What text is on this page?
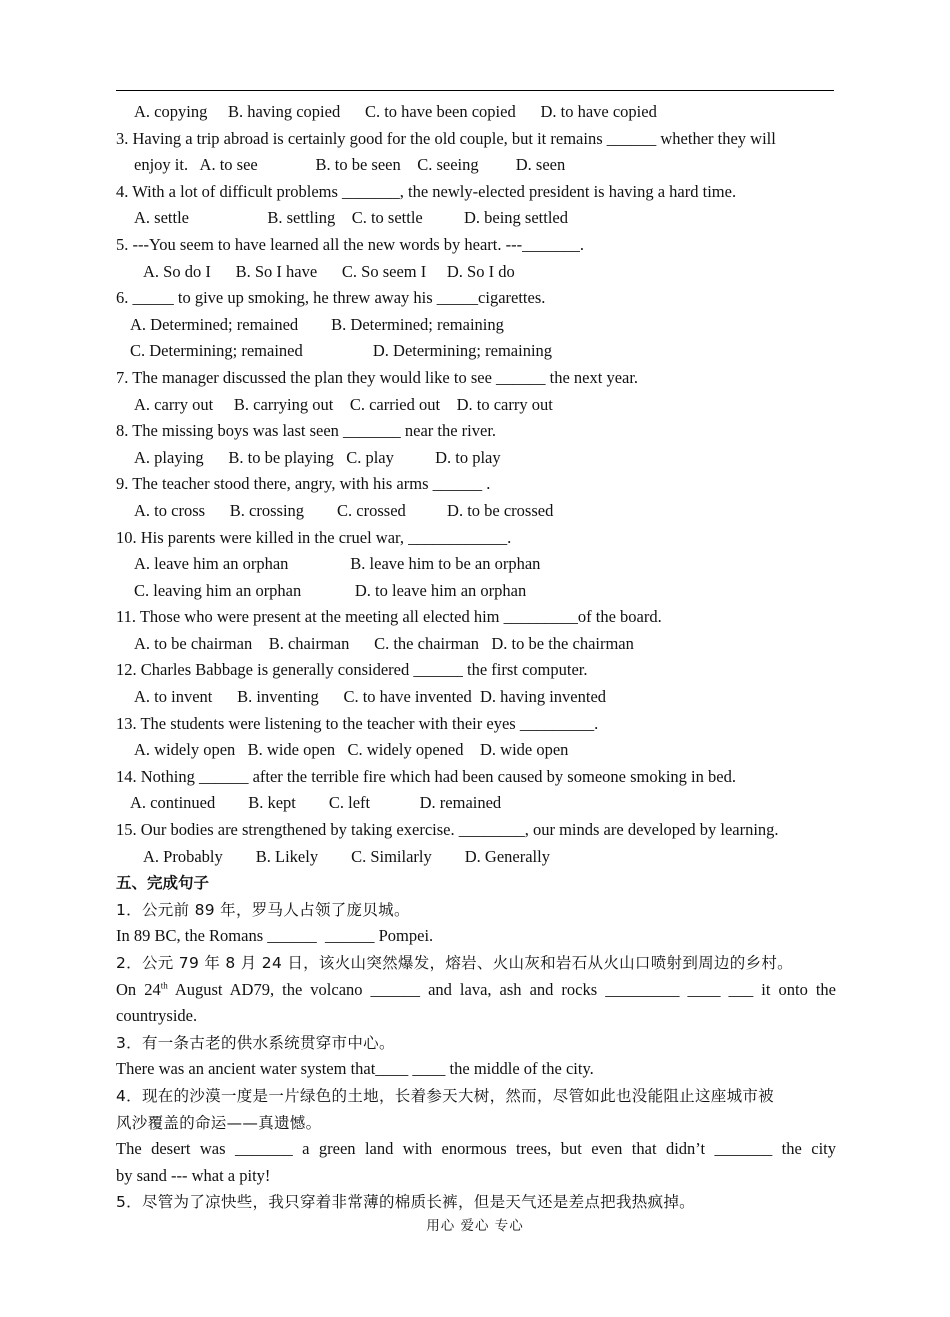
A. copying     B. having copied      C. to have been copied      D. to have copied
3. Having a trip abroad is certainly good for the old couple, but it remains ______ whether they will
enjoy it.   A. to see              B. to be seen    C. seeing         D. seen
4. With a lot of difficult problems _______, the newly-elected president is having a hard time.
A. settle                   B. settling    C. to settle          D. being settled
5. ---You seem to have learned all the new words by heart. ---_______.
A. So do I      B. So I have      C. So seem I     D. So I do
6. _____ to give up smoking, he threw away his _____cigarettes.
A. Determined; remained        B. Determined; remaining
C. Determining; remained                 D. Determining; remaining
7. The manager discussed the plan they would like to see ______ the next year.
A. carry out     B. carrying out    C. carried out    D. to carry out
8. The missing boys was last seen _______ near the river.
A. playing      B. to be playing   C. play          D. to play
9. The teacher stood there, angry, with his arms ______ .
A. to cross      B. crossing        C. crossed          D. to be crossed
10. His parents were killed in the cruel war, ____________.
A. leave him an orphan               B. leave him to be an orphan
C. leaving him an orphan             D. to leave him an orphan
11. Those who were present at the meeting all elected him _________of the board.
A. to be chairman    B. chairman      C. the chairman   D. to be the chairman
12. Charles Babbage is generally considered ______ the first computer.
A. to invent      B. inventing      C. to have invented  D. having invented
13. The students were listening to the teacher with their eyes _________.
A. widely open   B. wide open   C. widely opened    D. wide open
14. Nothing ______ after the terrible fire which had been caused by someone smoking in bed.
A. continued        B. kept        C. left            D. remained
15. Our bodies are strengthened by taking exercise. ________, our minds are developed by learning.
A. Probably        B. Likely        C. Similarly        D. Generally
五、完成句子
1．公元前 89 年，罗马人占领了庞贝城。
In 89 BC, the Romans ______  ______ Pompei.
2．公元 79 年 8 月 24 日，该火山突然爆发，熔岩、火山灰和岩石从火山口喷射到周边的乡村。
On 24th August AD79, the volcano ______ and lava, ash and rocks _________ ____ ___ it onto the
countryside.
3．有一条古老的供水系统贯穿市中心。
There was an ancient water system that____ ____ the middle of the city.
4．现在的沙漠一度是一片绿色的土地，长着参天大树，然而，尽管如此也没能阻止这座城市被
风沙覆盖的命运——真遗憾。
The desert was _______ a green land with enormous trees, but even that didn’t _______ the city
by sand --- what a pity!
5．尽管为了凉快些，我只穿着非常薄的棉质长裤，但是天气还是差点把我热疯掉。
用心 爱心 专心
